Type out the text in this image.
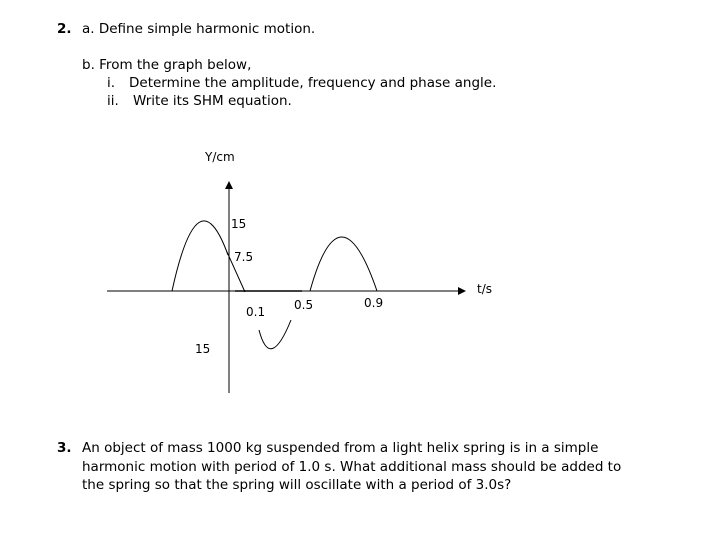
2. a. Define simple harmonic motion.
b. From the graph below,
i. Determine the amplitude, frequency and phase angle.
ii. Write its SHM equation.
Y/cm
t/s
15
7.5
15
0.1 0.5	0.9
3. An object of mass 1000 kg suspended from a light helix spring is in a simple harmonic motion with period of 1.0 s. What additional mass should be added to the spring so that the spring will oscillate with a period of 3.0s?
